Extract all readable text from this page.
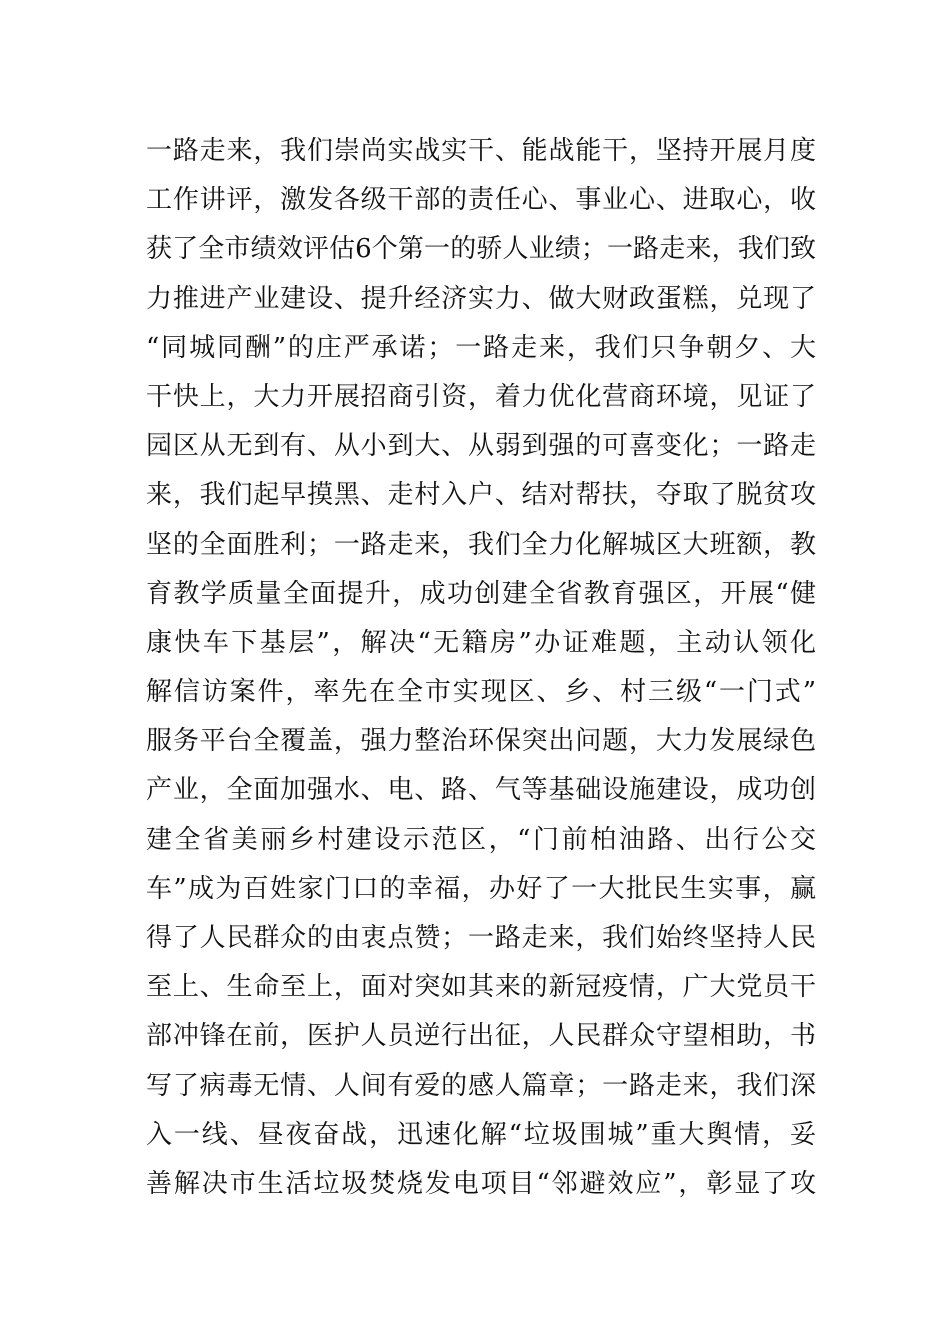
一路走来，我们崇尚实战实干、能战能干，坚持开展月度
工作讲评，激发各级干部的责任心、事业心、进取心，收
获了全市绩效评估6个第一的骄人业绩；一路走来，我们致
力推进产业建设、提升经济实力、做大财政蛋糕，兑现了
“同城同酬”的庄严承诺；一路走来，我们只争朝夕、大
干快上，大力开展招商引资，着力优化营商环境，见证了
园区从无到有、从小到大、从弱到强的可喜变化；一路走
来，我们起早摸黑、走村入户、结对帮扶，夺取了脱贫攻
坚的全面胜利；一路走来，我们全力化解城区大班额，教
育教学质量全面提升，成功创建全省教育强区，开展“健
康快车下基层”，解决“无籍房”办证难题，主动认领化
解信访案件，率先在全市实现区、乡、村三级“一门式”
服务平台全覆盖，强力整治环保突出问题，大力发展绿色
产业，全面加强水、电、路、气等基础设施建设，成功创
建全省美丽乡村建设示范区，“门前柏油路、出行公交
车”成为百姓家门口的幸福，办好了一大批民生实事，赢
得了人民群众的由衷点赞；一路走来，我们始终坚持人民
至上、生命至上，面对突如其来的新冠疫情，广大党员干
部冲锋在前，医护人员逆行出征，人民群众守望相助，书
写了病毒无情、人间有爱的感人篇章；一路走来，我们深
入一线、昼夜奋战，迅速化解“垃圾围城”重大舆情，妥
善解决市生活垃圾焚烧发电项目“邻避效应”，彰显了攻
